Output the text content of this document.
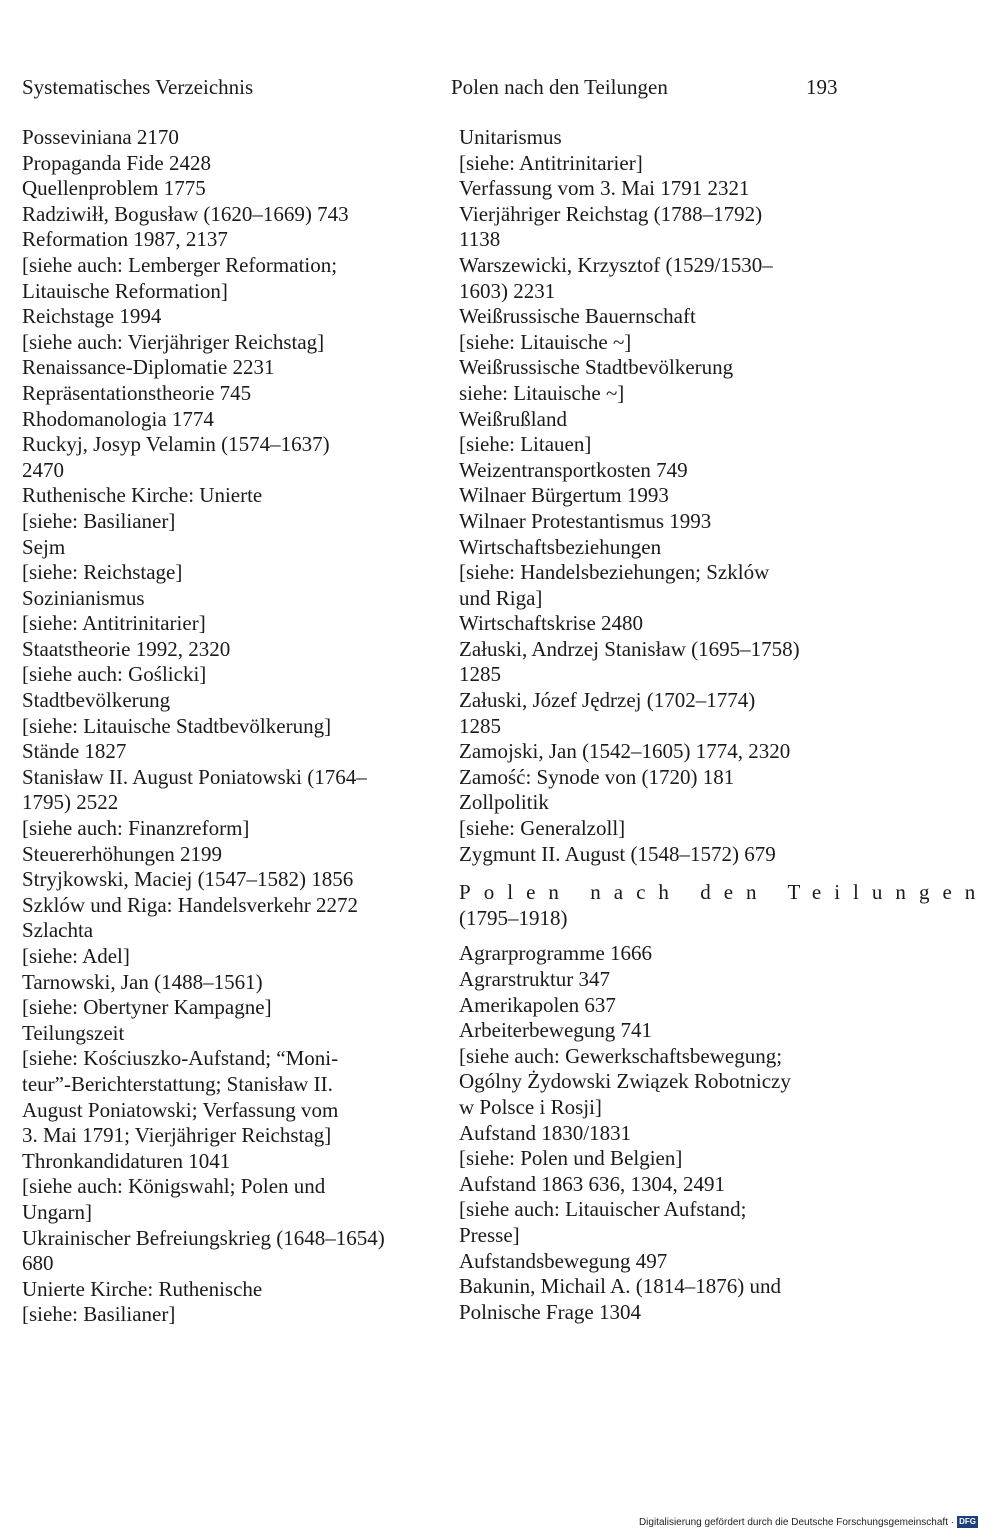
Systematisches Verzeichnis	Polen nach den Teilungen	193

Posseviniana 2170

Propaganda Fide 2428

Quellenproblem 1775

Radziwiłł, Bogusław (1620–1669) 743

Reformation 1987, 2137
[siehe auch: Lemberger Reformation;
Litauische Reformation]

Reichstage 1994
[siehe auch: Vierjähriger Reichstag]

Renaissance-Diplomatie 2231

Repräsentationstheorie 745

Rhodomanologia 1774

Ruckyj, Josyp Velamin (1574–1637)
2470

Ruthenische Kirche: Unierte
[siehe: Basilianer]

Sejm
[siehe: Reichstage]

Sozinianismus
[siehe: Antitrinitarier]

Staatstheorie 1992, 2320
[siehe auch: Goślicki]

Stadtbevölkerung
[siehe: Litauische Stadtbevölkerung]

Stände 1827

Stanisław II. August Poniatowski (1764–
1795) 2522
[siehe auch: Finanzreform]

Steuererhöhungen 2199

Stryjkowski, Maciej (1547–1582) 1856

Szklów und Riga: Handelsverkehr 2272

Szlachta
[siehe: Adel]

Tarnowski, Jan (1488–1561)
[siehe: Obertyner Kampagne]

Teilungszeit
[siehe: Kościuszko-Aufstand; “Moni-
teur”-Berichterstattung; Stanisław II.
August Poniatowski; Verfassung vom
3. Mai 1791; Vierjähriger Reichstag]

Thronkandidaturen 1041
[siehe auch: Königswahl; Polen und
Ungarn]

Ukrainischer Befreiungskrieg (1648–1654)
680

Unierte Kirche: Ruthenische
[siehe: Basilianer]

Unitarismus
[siehe: Antitrinitarier]

Verfassung vom 3. Mai 1791 2321

Vierjähriger Reichstag (1788–1792)
1138

Warszewicki, Krzysztof (1529/1530–
1603) 2231

Weißrussische Bauernschaft
[siehe: Litauische ~]

Weißrussische Stadtbevölkerung
siehe: Litauische ~]

Weißrußland
[siehe: Litauen]

Weizentransportkosten 749

Wilnaer Bürgertum 1993

Wilnaer Protestantismus 1993

Wirtschaftsbeziehungen
[siehe: Handelsbeziehungen; Szklów
und Riga]

Wirtschaftskrise 2480

Załuski, Andrzej Stanisław (1695–1758)
1285

Załuski, Józef Jędrzej (1702–1774)
1285

Zamojski, Jan (1542–1605) 1774, 2320

Zamość: Synode von (1720) 181

Zollpolitik
[siehe: Generalzoll]

Zygmunt II. August (1548–1572) 679

Polen nach den Teilungen
(1795–1918)

Agrarprogramme 1666

Agrarstruktur 347

Amerikapolen 637

Arbeiterbewegung 741
[siehe auch: Gewerkschaftsbewegung;
Ogólny Żydowski Związek Robotniczy
w Polsce i Rosji]

Aufstand 1830/1831
[siehe: Polen und Belgien]

Aufstand 1863 636, 1304, 2491
[siehe auch: Litauischer Aufstand;
Presse]

Aufstandsbewegung 497

Bakunin, Michail A. (1814–1876) und
Polnische Frage 1304

Digitalisierung gefördert durch die Deutsche Forschungsgemeinschaft · DFG
